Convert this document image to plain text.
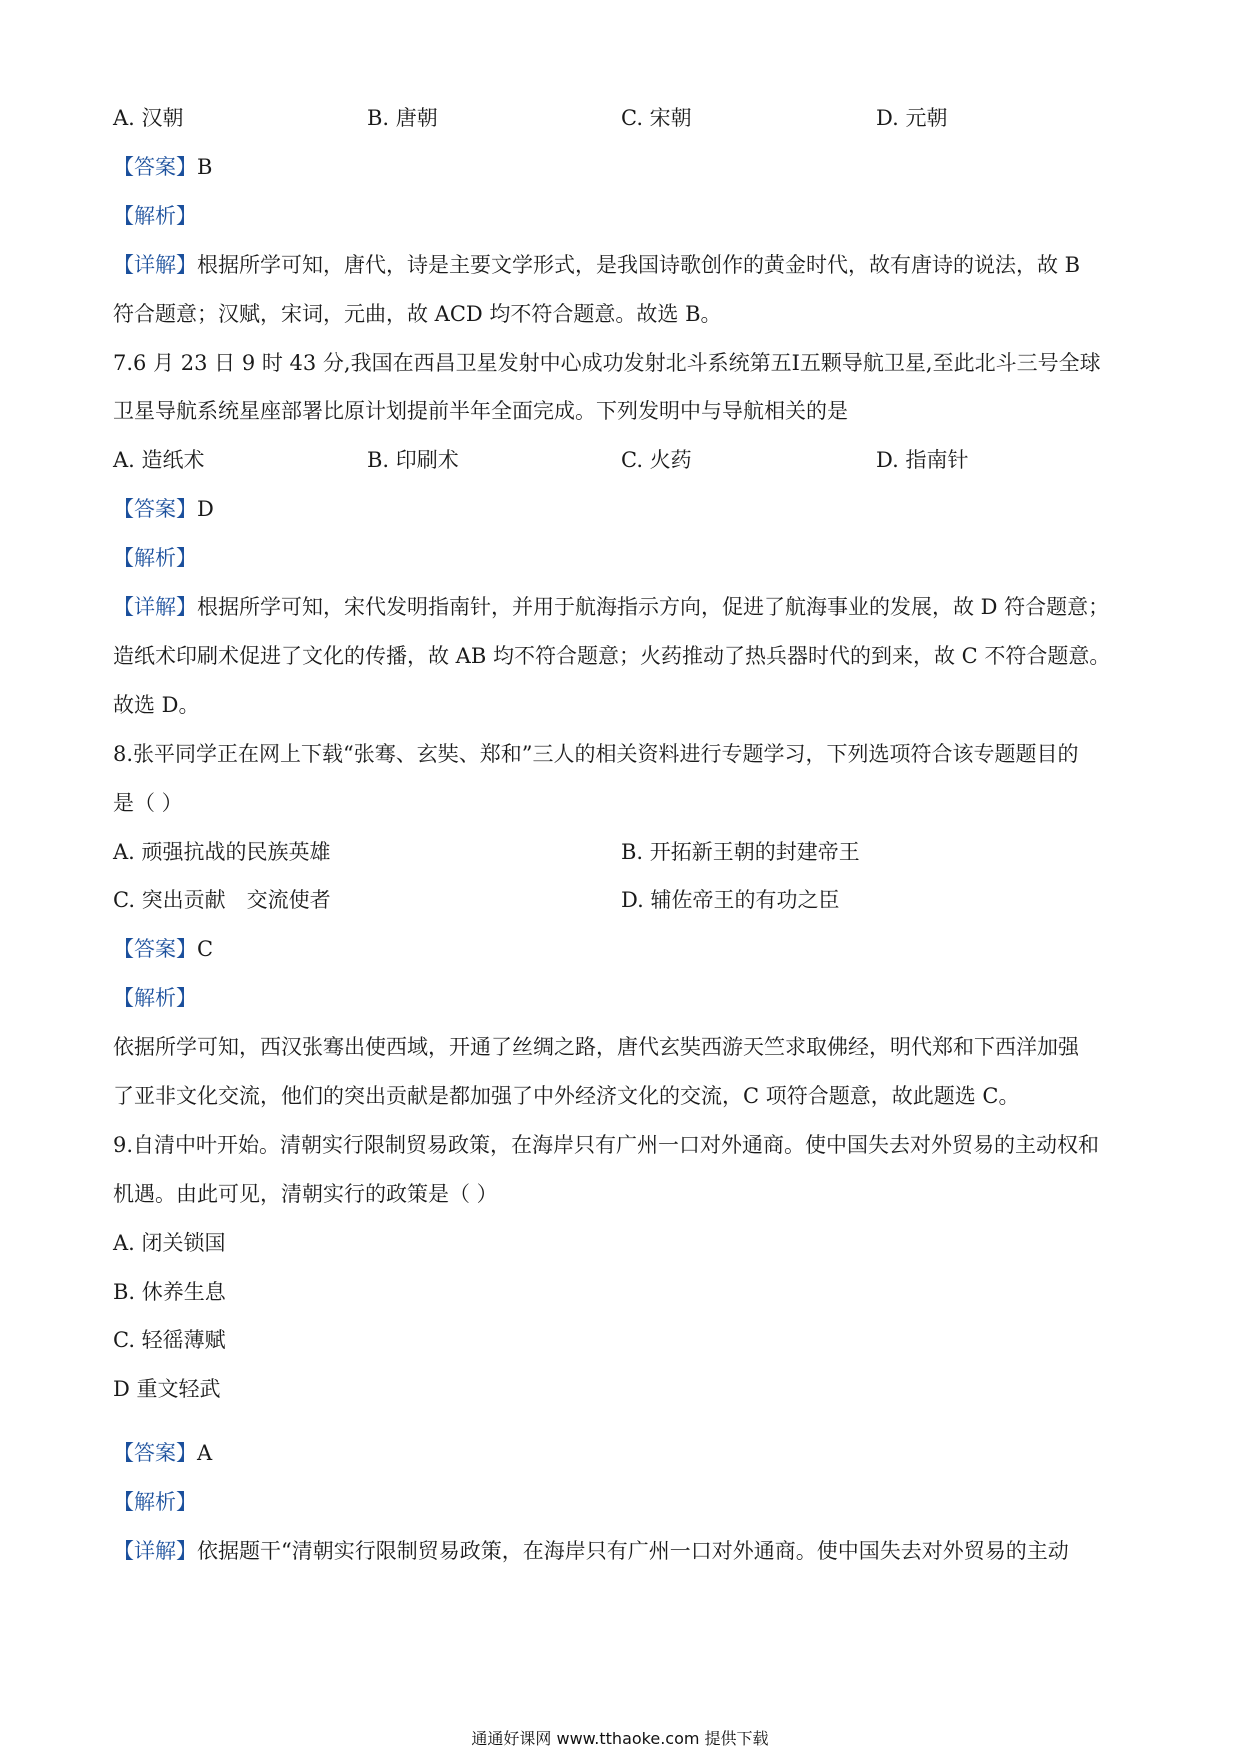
A. 汉朝	B. 唐朝	C. 宋朝	D. 元朝
【答案】B
【解析】
【详解】根据所学可知，唐代，诗是主要文学形式，是我国诗歌创作的黄金时代，故有唐诗的说法，故 B
符合题意；汉赋，宋词，元曲，故 ACD 均不符合题意。故选 B。
7.6 月 23 日 9 时 43 分,我国在西昌卫星发射中心成功发射北斗系统第五Ⅰ五颗导航卫星,至此北斗三号全球
卫星导航系统星座部署比原计划提前半年全面完成。下列发明中与导航相关的是
A. 造纸术	B. 印刷术	C. 火药	D. 指南针
【答案】D
【解析】
【详解】根据所学可知，宋代发明指南针，并用于航海指示方向，促进了航海事业的发展，故 D 符合题意；
造纸术印刷术促进了文化的传播，故 AB 均不符合题意；火药推动了热兵器时代的到来，故 C 不符合题意。
故选 D。
8.张平同学正在网上下载“张骞、玄奘、郑和”三人的相关资料进行专题学习，下列选项符合该专题题目的
是（ ）
A. 顽强抗战的民族英雄	B. 开拓新王朝的封建帝王
C. 突出贡献　交流使者	D. 辅佐帝王的有功之臣
【答案】C
【解析】
依据所学可知，西汉张骞出使西域，开通了丝绸之路，唐代玄奘西游天竺求取佛经，明代郑和下西洋加强
了亚非文化交流，他们的突出贡献是都加强了中外经济文化的交流，C 项符合题意，故此题选 C。
9.自清中叶开始。清朝实行限制贸易政策，在海岸只有广州一口对外通商。使中国失去对外贸易的主动权和
机遇。由此可见，清朝实行的政策是（ ）
A. 闭关锁国
B. 休养生息
C. 轻徭薄赋
D 重文轻武
【答案】A
【解析】
【详解】依据题干“清朝实行限制贸易政策，在海岸只有广州一口对外通商。使中国失去对外贸易的主动
通通好课网 www.tthaoke.com 提供下载
